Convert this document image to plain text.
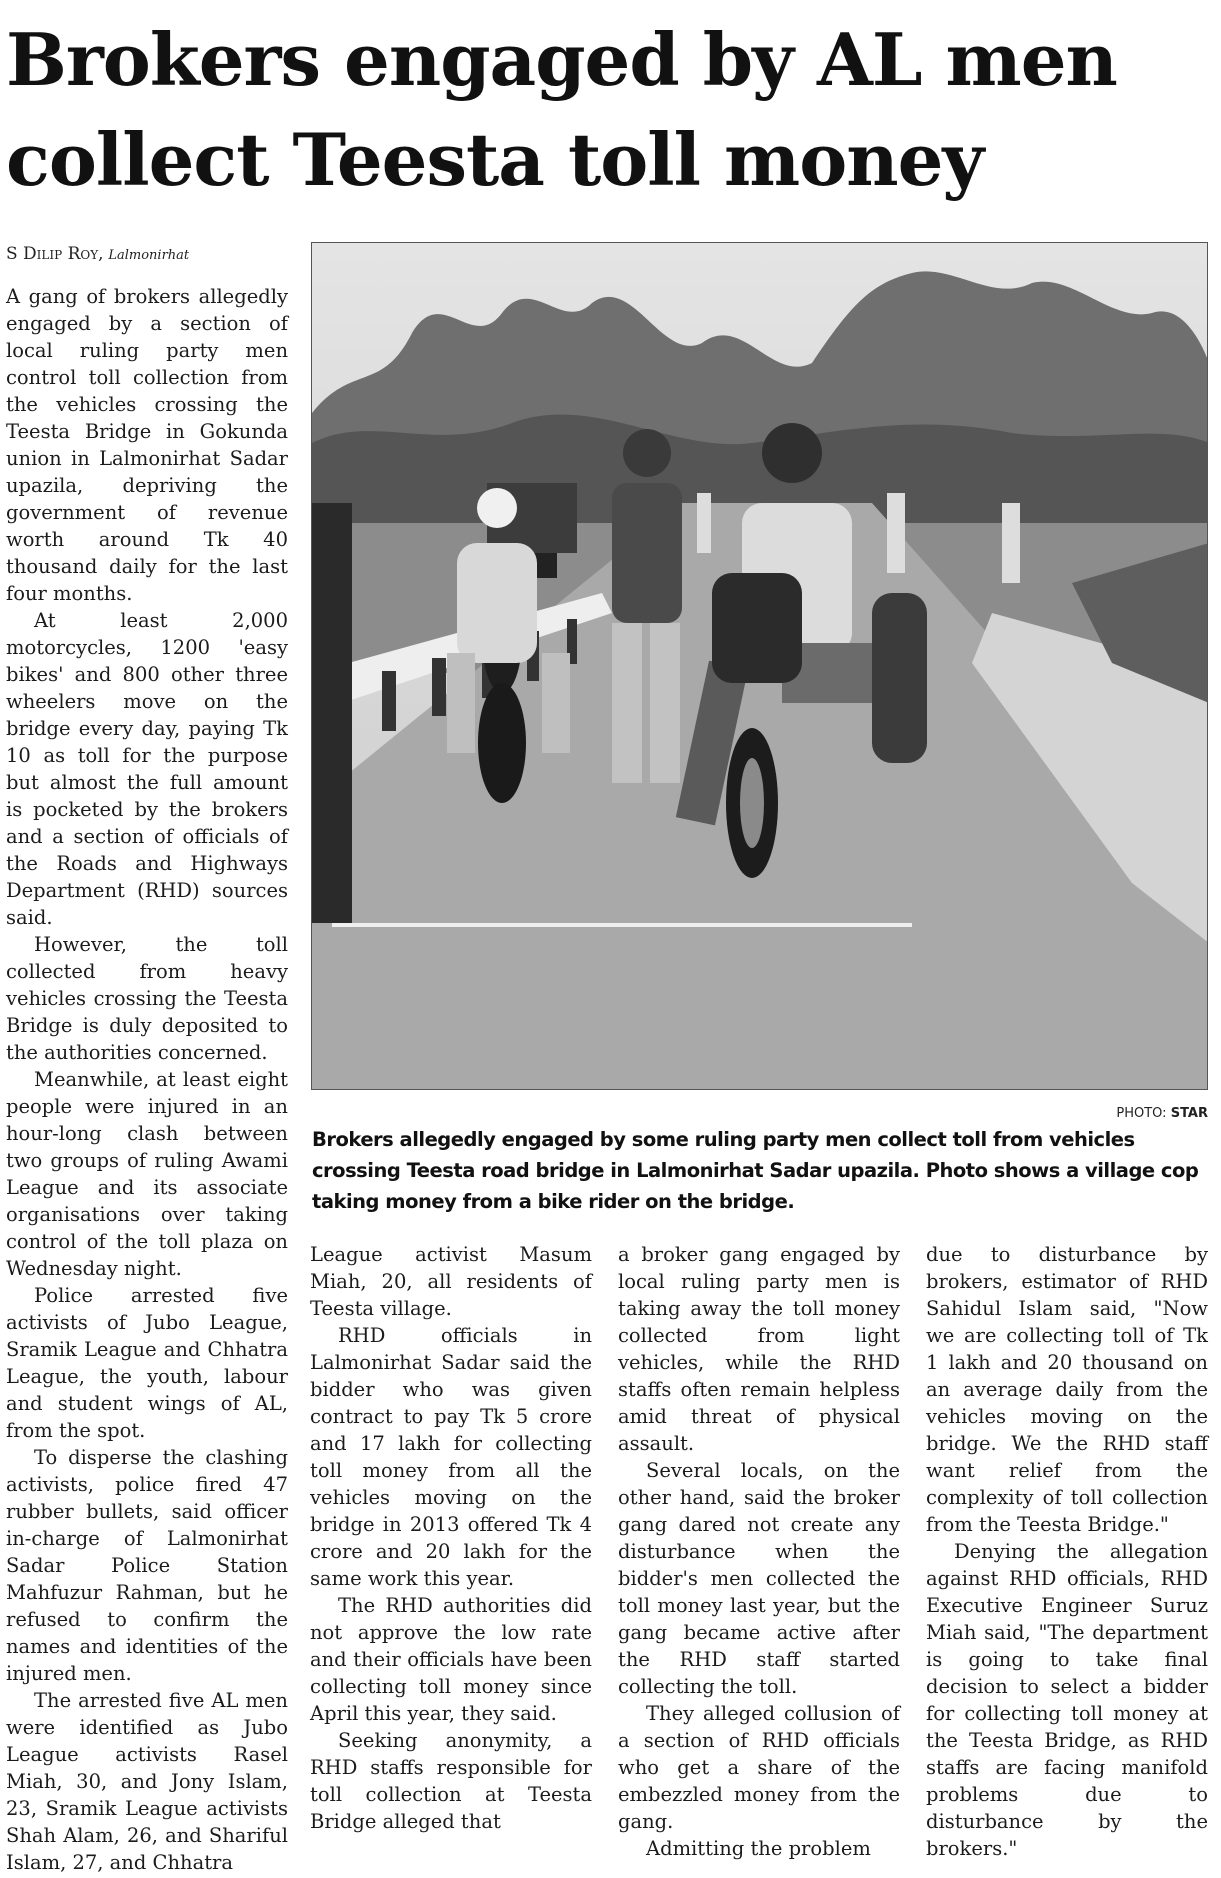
Brokers engaged by AL men collect Teesta toll money
S Dilip Roy, Lalmonirhat
PHOTO: STAR
Brokers allegedly engaged by some ruling party men collect toll from vehicles crossing Teesta road bridge in Lalmonirhat Sadar upazila. Photo shows a village cop taking money from a bike rider on the bridge.

A gang of brokers allegedly engaged by a section of local ruling party men control toll collection from the vehicles crossing the Teesta Bridge in Gokunda union in Lalmonirhat Sadar upazila, depriving the government of revenue worth around Tk 40 thousand daily for the last four months.

At least 2,000 motorcycles, 1200 'easy bikes' and 800 other three wheelers move on the bridge every day, paying Tk 10 as toll for the purpose but almost the full amount is pocketed by the brokers and a section of officials of the Roads and Highways Department (RHD) sources said.

However, the toll collected from heavy vehicles crossing the Teesta Bridge is duly deposited to the authorities concerned.

Meanwhile, at least eight people were injured in an hour-long clash between two groups of ruling Awami League and its associate organisations over taking control of the toll plaza on Wednesday night.

Police arrested five activists of Jubo League, Sramik League and Chhatra League, the youth, labour and student wings of AL, from the spot.

To disperse the clashing activists, police fired 47 rubber bullets, said officer in-charge of Lalmonirhat Sadar Police Station Mahfuzur Rahman, but he refused to confirm the names and identities of the injured men.

The arrested five AL men were identified as Jubo League activists Rasel Miah, 30, and Jony Islam, 23, Sramik League activists Shah Alam, 26, and Shariful Islam, 27, and Chhatra

League activist Masum Miah, 20, all residents of Teesta village.

RHD officials in Lalmonirhat Sadar said the bidder who was given contract to pay Tk 5 crore and 17 lakh for collecting toll money from all the vehicles moving on the bridge in 2013 offered Tk 4 crore and 20 lakh for the same work this year.

The RHD authorities did not approve the low rate and their officials have been collecting toll money since April this year, they said.

Seeking anonymity, a RHD staffs responsible for toll collection at Teesta Bridge alleged that

a broker gang engaged by local ruling party men is taking away the toll money collected from light vehicles, while the RHD staffs often remain helpless amid threat of physical assault.

Several locals, on the other hand, said the broker gang dared not create any disturbance when the bidder's men collected the toll money last year, but the gang became active after the RHD staff started collecting the toll.

They alleged collusion of a section of RHD officials who get a share of the embezzled money from the gang.

Admitting the problem

due to disturbance by brokers, estimator of RHD Sahidul Islam said, "Now we are collecting toll of Tk 1 lakh and 20 thousand on an average daily from the vehicles moving on the bridge. We the RHD staff want relief from the complexity of toll collection from the Teesta Bridge."

Denying the allegation against RHD officials, RHD Executive Engineer Suruz Miah said, "The department is going to take final decision to select a bidder for collecting toll money at the Teesta Bridge, as RHD staffs are facing manifold problems due to disturbance by the brokers."
